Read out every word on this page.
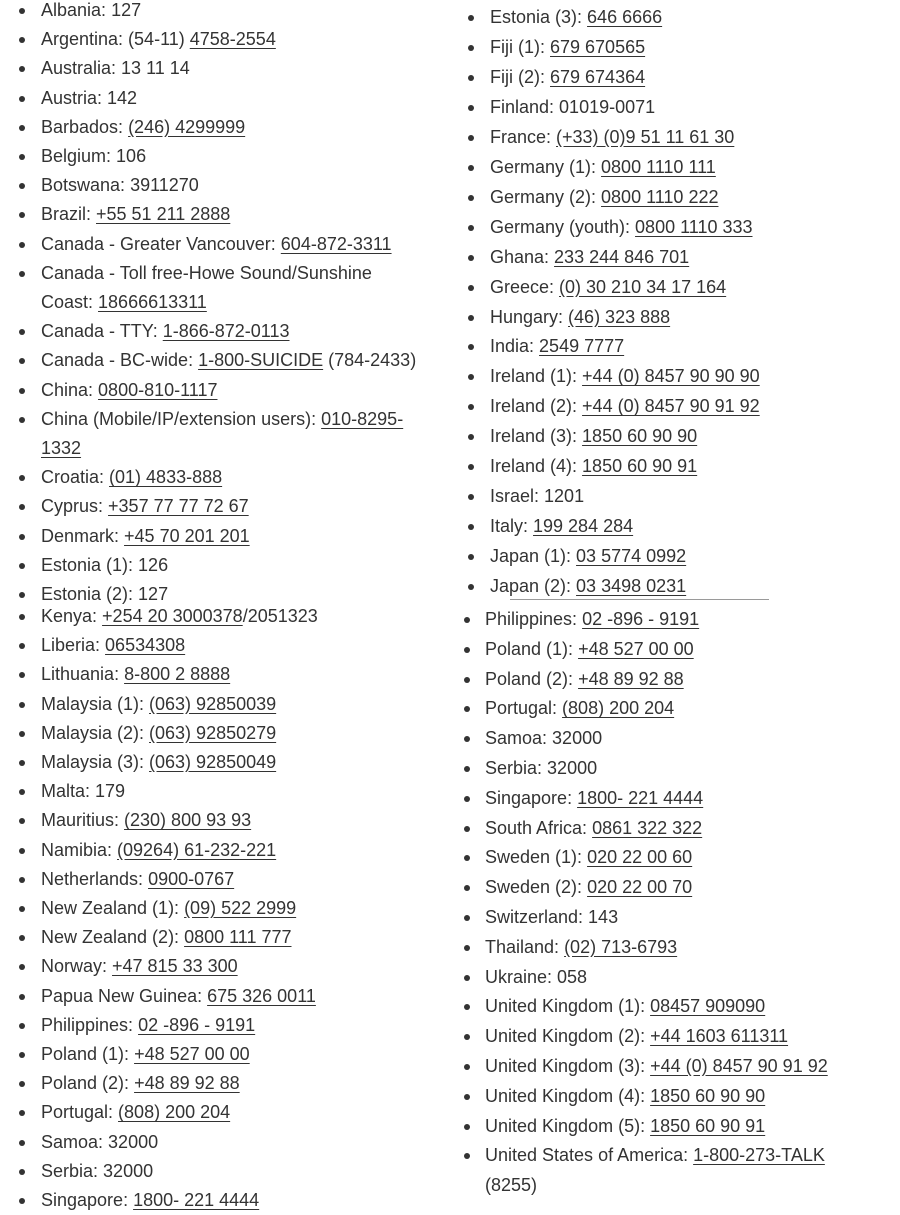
Albania: 127
Argentina: (54-11) 4758-2554
Australia: 13 11 14
Austria: 142
Barbados: (246) 4299999
Belgium: 106
Botswana: 3911270
Brazil: +55 51 211 2888
Canada - Greater Vancouver: 604-872-3311
Canada - Toll free-Howe Sound/Sunshine Coast: 18666613311
Canada - TTY: 1-866-872-0113
Canada - BC-wide: 1-800-SUICIDE (784-2433)
China: 0800-810-1117
China (Mobile/IP/extension users): 010-8295-1332
Croatia: (01) 4833-888
Cyprus: +357 77 77 72 67
Denmark: +45 70 201 201
Estonia (1): 126
Estonia (2): 127
Estonia (3): 646 6666
Fiji (1): 679 670565
Fiji (2): 679 674364
Finland: 01019-0071
France: (+33) (0)9 51 11 61 30
Germany (1): 0800 1110 111
Germany (2): 0800 1110 222
Germany (youth): 0800 1110 333
Ghana: 233 244 846 701
Greece: (0) 30 210 34 17 164
Hungary: (46) 323 888
India: 2549 7777
Ireland (1): +44 (0) 8457 90 90 90
Ireland (2): +44 (0) 8457 90 91 92
Ireland (3): 1850 60 90 90
Ireland (4): 1850 60 90 91
Israel: 1201
Italy: 199 284 284
Japan (1): 03 5774 0992
Japan (2): 03 3498 0231
Kenya: +254 20 3000378/2051323
Liberia: 06534308
Lithuania: 8-800 2 8888
Malaysia (1): (063) 92850039
Malaysia (2): (063) 92850279
Malaysia (3): (063) 92850049
Malta: 179
Mauritius: (230) 800 93 93
Namibia: (09264) 61-232-221
Netherlands: 0900-0767
New Zealand (1): (09) 522 2999
New Zealand (2): 0800 111 777
Norway: +47 815 33 300
Papua New Guinea: 675 326 0011
Philippines: 02 -896 - 9191
Poland (1): +48 527 00 00
Poland (2): +48 89 92 88
Portugal: (808) 200 204
Samoa: 32000
Serbia: 32000
Singapore: 1800- 221 4444
Philippines: 02 -896 - 9191
Poland (1): +48 527 00 00
Poland (2): +48 89 92 88
Portugal: (808) 200 204
Samoa: 32000
Serbia: 32000
Singapore: 1800- 221 4444
South Africa: 0861 322 322
Sweden (1): 020 22 00 60
Sweden (2): 020 22 00 70
Switzerland: 143
Thailand: (02) 713-6793
Ukraine: 058
United Kingdom (1): 08457 909090
United Kingdom (2): +44 1603 611311
United Kingdom (3): +44 (0) 8457 90 91 92
United Kingdom (4): 1850 60 90 90
United Kingdom (5): 1850 60 90 91
United States of America: 1-800-273-TALK (8255)
